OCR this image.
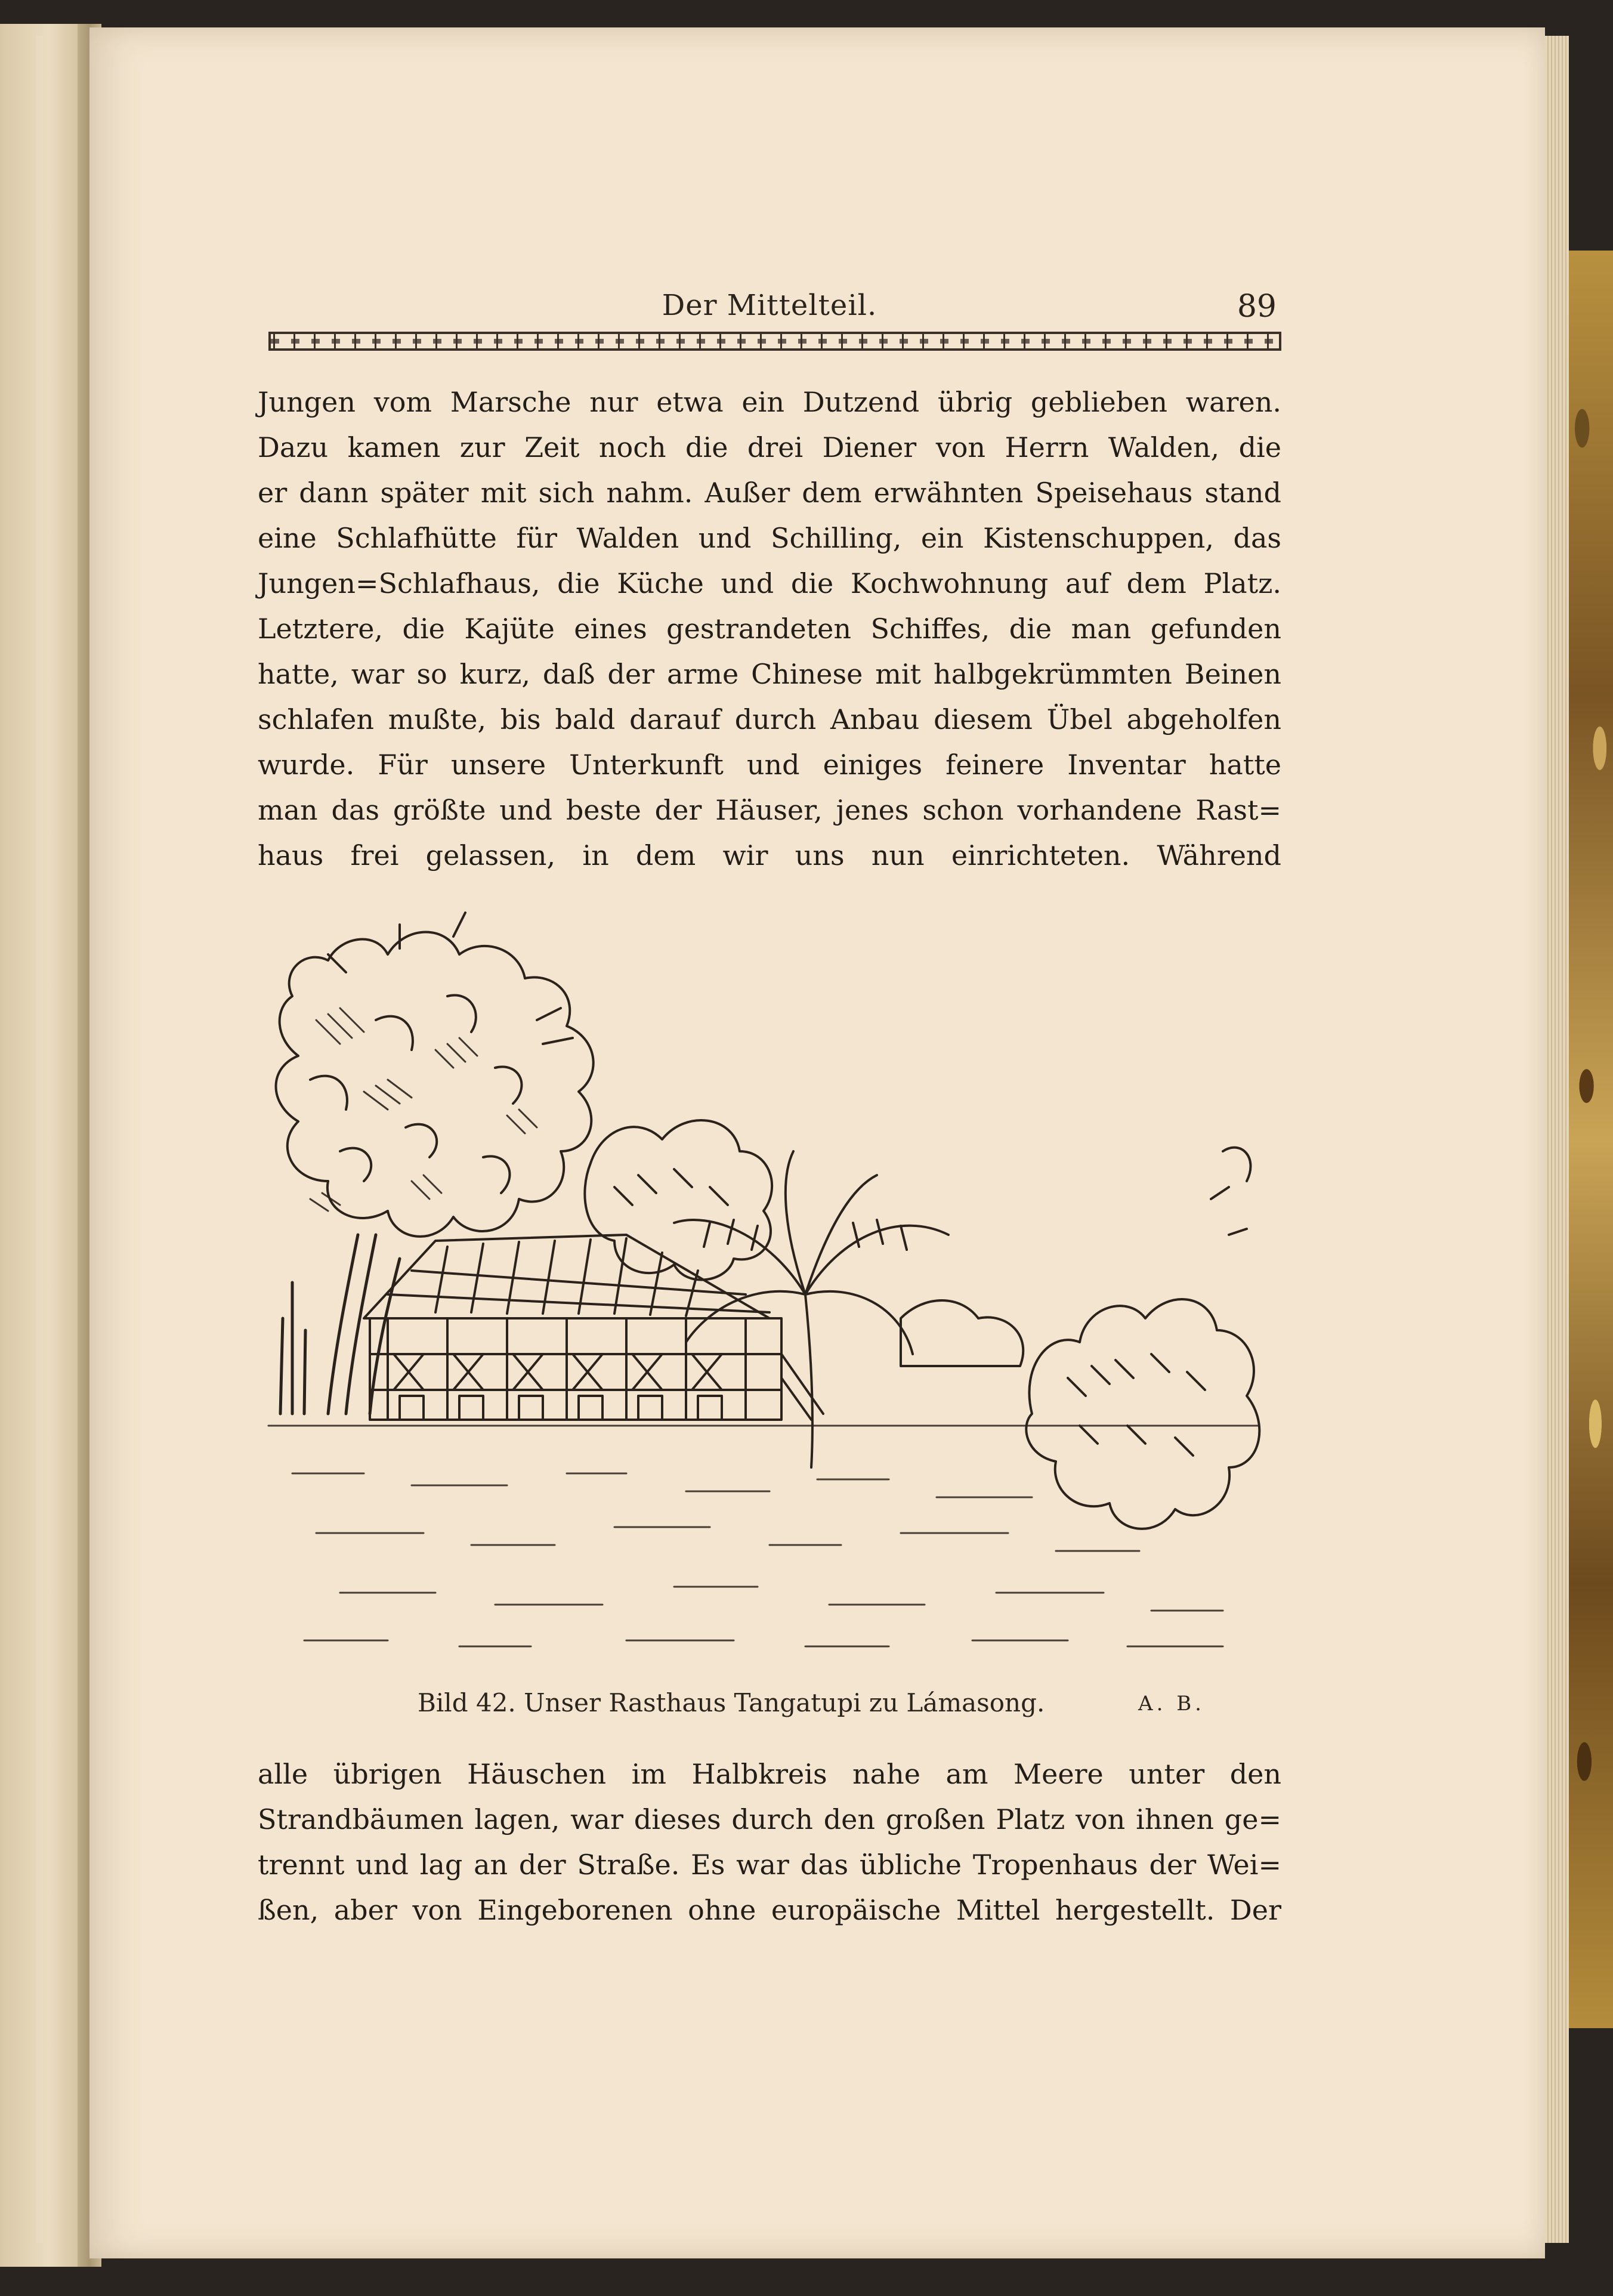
Der Mittelteil.	89
Jungen vom Marsche nur etwa ein Dutzend übrig geblieben waren.
Dazu kamen zur Zeit noch die drei Diener von Herrn Walden, die
er dann später mit sich nahm. Außer dem erwähnten Speisehaus stand
eine Schlafhütte für Walden und Schilling, ein Kistenschuppen, das
Jungen=Schlafhaus, die Küche und die Kochwohnung auf dem Platz.
Letztere, die Kajüte eines gestrandeten Schiffes, die man gefunden
hatte, war so kurz, daß der arme Chinese mit halbgekrümmten Beinen
schlafen mußte, bis bald darauf durch Anbau diesem Übel abgeholfen
wurde. Für unsere Unterkunft und einiges feinere Inventar hatte
man das größte und beste der Häuser, jenes schon vorhandene Rast=
haus frei gelassen, in dem wir uns nun einrichteten. Während
Bild 42. Unser Rasthaus Tangatupi zu Lámasong.	A. B.
alle übrigen Häuschen im Halbkreis nahe am Meere unter den
Strandbäumen lagen, war dieses durch den großen Platz von ihnen ge=
trennt und lag an der Straße. Es war das übliche Tropenhaus der Wei=
ßen, aber von Eingeborenen ohne europäische Mittel hergestellt. Der
